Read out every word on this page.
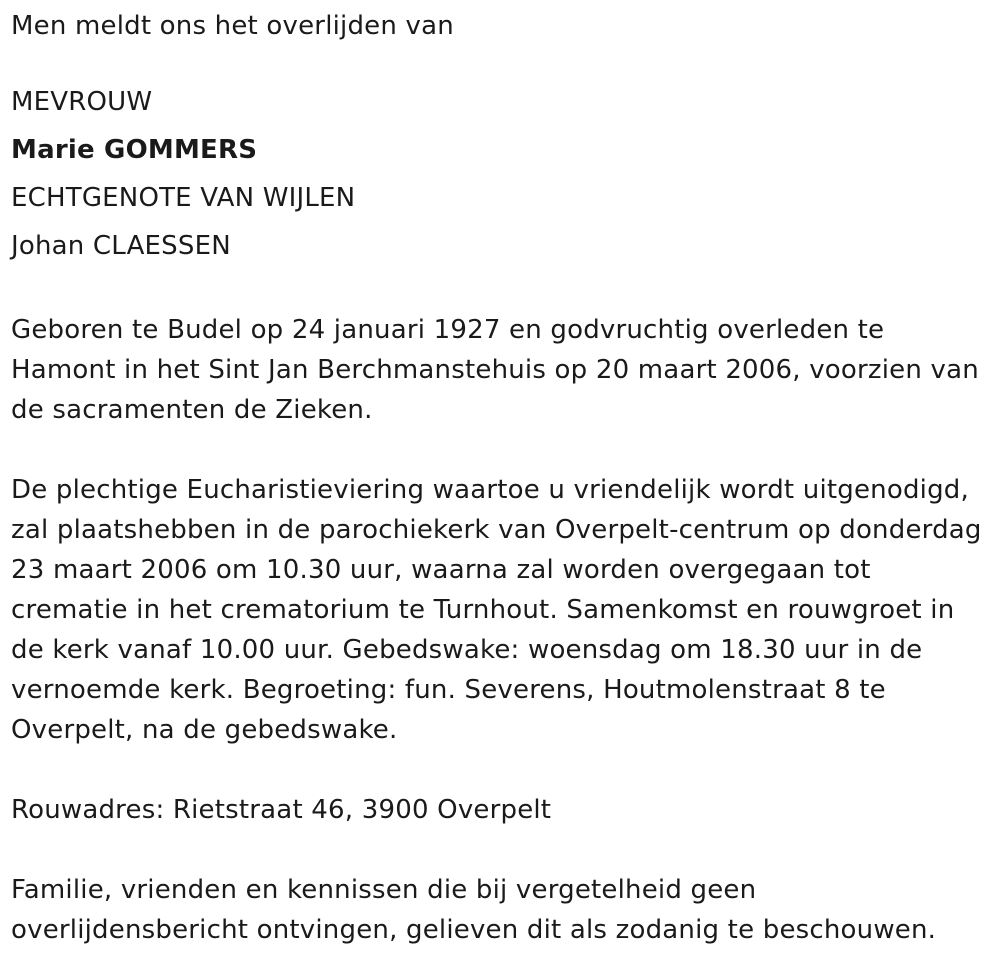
Men meldt ons het overlijden van
MEVROUW
Marie GOMMERS
ECHTGENOTE VAN WIJLEN
Johan CLAESSEN
Geboren te Budel op 24 januari 1927 en godvruchtig overleden te
Hamont in het Sint Jan Berchmanstehuis op 20 maart 2006, voorzien van
de sacramenten de Zieken.
De plechtige Eucharistieviering waartoe u vriendelijk wordt uitgenodigd,
zal plaatshebben in de parochiekerk van Overpelt-centrum op donderdag
23 maart 2006 om 10.30 uur, waarna zal worden overgegaan tot
crematie in het crematorium te Turnhout. Samenkomst en rouwgroet in
de kerk vanaf 10.00 uur. Gebedswake: woensdag om 18.30 uur in de
vernoemde kerk. Begroeting: fun. Severens, Houtmolenstraat 8 te
Overpelt, na de gebedswake.
Rouwadres: Rietstraat 46, 3900 Overpelt
Familie, vrienden en kennissen die bij vergetelheid geen
overlijdensbericht ontvingen, gelieven dit als zodanig te beschouwen.
